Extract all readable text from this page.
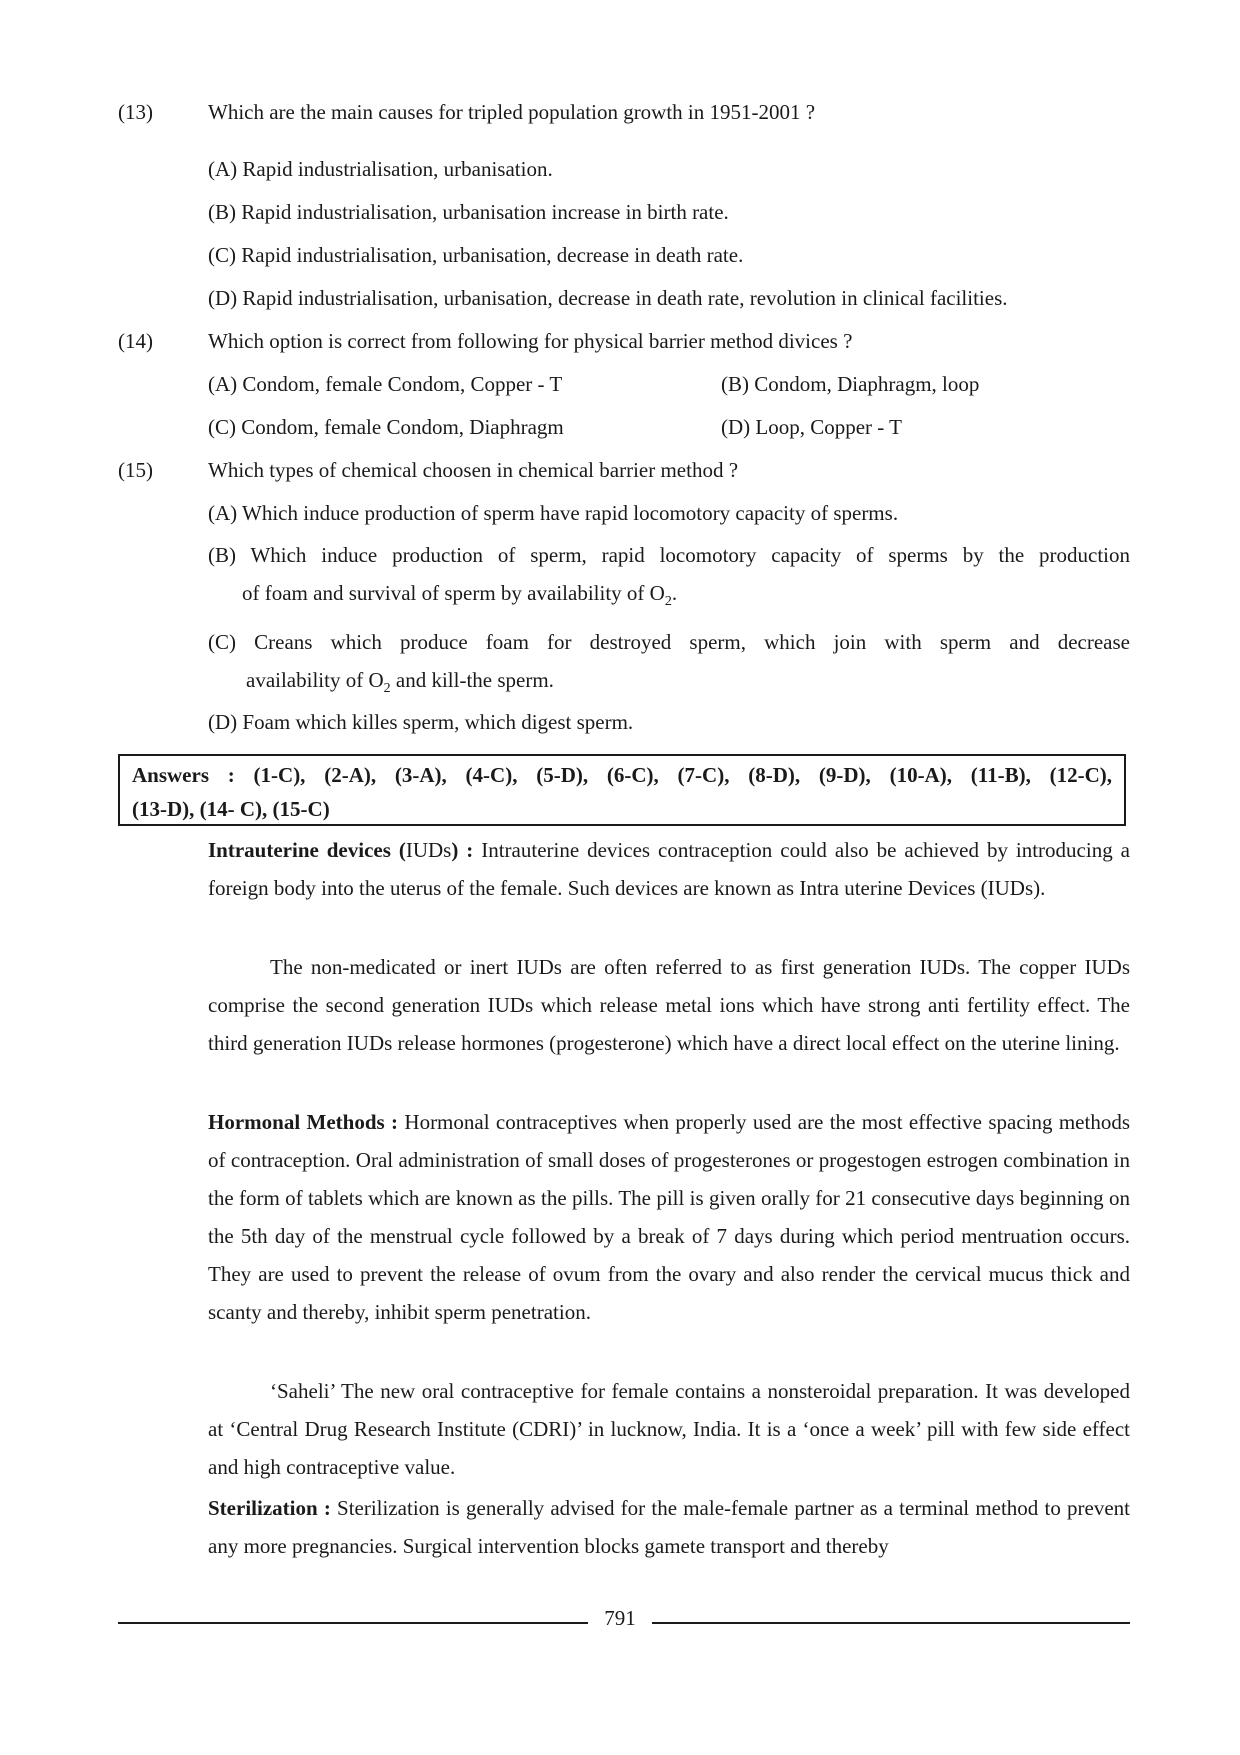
(13)	Which are the main causes for tripled population growth in 1951-2001 ?
(A) Rapid industrialisation, urbanisation.
(B) Rapid industrialisation, urbanisation increase in birth rate.
(C) Rapid industrialisation, urbanisation, decrease in death rate.
(D) Rapid industrialisation, urbanisation, decrease in death rate, revolution in clinical facilities.
(14)	Which option is correct from following for physical barrier method divices ?
(A) Condom, female Condom, Copper - T	(B) Condom, Diaphragm, loop
(C) Condom, female Condom, Diaphragm	(D) Loop, Copper - T
(15)	Which types of chemical choosen in chemical barrier method ?
(A) Which induce production of sperm have rapid locomotory capacity of sperms.
(B) Which induce production of sperm, rapid locomotory capacity of sperms by the production
of foam and survival of sperm by availability of $O_2$.
(C) Creans which produce foam for destroyed sperm, which join with sperm and decrease
availability of $O_2$ and kill-the sperm.
(D) Foam which killes sperm, which digest sperm.
Answers : (1-C), (2-A), (3-A), (4-C), (5-D), (6-C), (7-C), (8-D), (9-D), (10-A), (11-B), (12-C),
(13-D), (14- C), (15-C)
Intrauterine devices (IUDs) : Intrauterine devices contraception could also be achieved by introducing a foreign body into the uterus of the female. Such devices are known as Intra uterine Devices (IUDs).
The non-medicated or inert IUDs are often referred to as first generation IUDs. The copper IUDs comprise the second generation IUDs which release metal ions which have strong anti fertility effect. The third generation IUDs release hormones (progesterone) which have a direct local effect on the uterine lining.
Hormonal Methods : Hormonal contraceptives when properly used are the most effective spacing methods of contraception. Oral administration of small doses of progesterones or progestogen estrogen combination in the form of tablets which are known as the pills. The pill is given orally for 21 consecutive days beginning on the 5th day of the menstrual cycle followed by a break of 7 days during which period mentruation occurs. They are used to prevent the release of ovum from the ovary and also render the cervical mucus thick and scanty and thereby, inhibit sperm penetration.
‘Saheli’ The new oral contraceptive for female contains a nonsteroidal preparation. It was developed at ‘Central Drug Research Institute (CDRI)’ in lucknow, India. It is a ‘once a week’ pill with few side effect and high contraceptive value.
Sterilization : Sterilization is generally advised for the male-female partner as a terminal method to prevent any more pregnancies. Surgical intervention blocks gamete transport and thereby
791
